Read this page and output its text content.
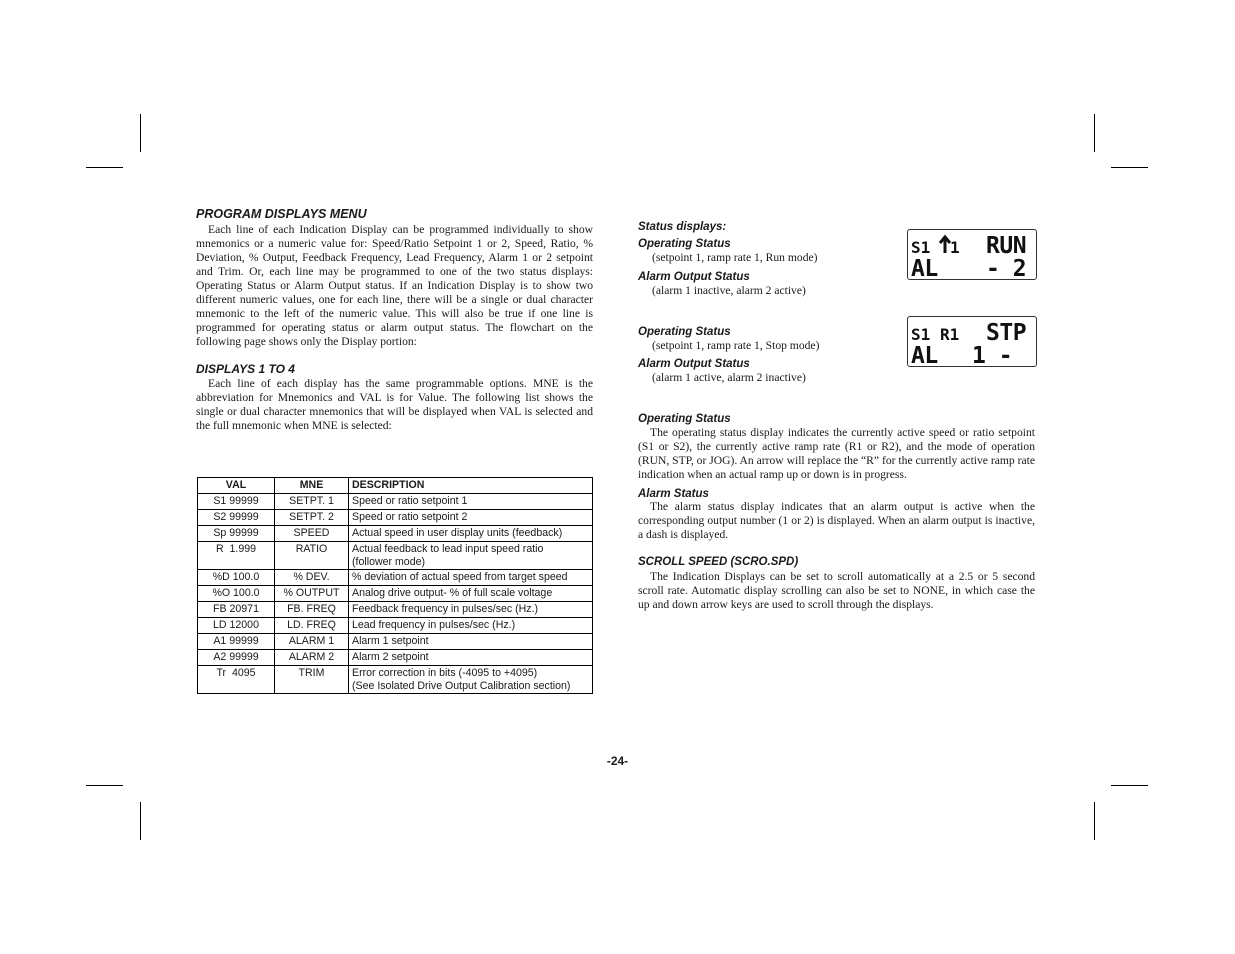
PROGRAM DISPLAYS MENU

Each line of each Indication Display can be programmed individually to show mnemonics or a numeric value for: Speed/Ratio Setpoint 1 or 2, Speed, Ratio, % Deviation, % Output, Feedback Frequency, Lead Frequency, Alarm 1 or 2 setpoint and Trim. Or, each line may be programmed to one of the two status displays: Operating Status or Alarm Output status. If an Indication Display is to show two different numeric values, one for each line, there will be a single or dual character mnemonic to the left of the numeric value. This will also be true if one line is programmed for operating status or alarm output status. The flowchart on the following page shows only the Display portion:

DISPLAYS 1 TO 4

Each line of each display has the same programmable options. MNE is the abbreviation for Mnemonics and VAL is for Value. The following list shows the single or dual character mnemonics that will be displayed when VAL is selected and the full mnemonic when MNE is selected:

VAL	MNE	DESCRIPTION
S1 99999	SETPT. 1	Speed or ratio setpoint 1
S2 99999	SETPT. 2	Speed or ratio setpoint 2
Sp 99999	SPEED	Actual speed in user display units (feedback)
R  1.999	RATIO	Actual feedback to lead input speed ratio
(follower mode)
%D 100.0	% DEV.	% deviation of actual speed from target speed
%O 100.0	% OUTPUT	Analog drive output- % of full scale voltage
FB 20971	FB. FREQ	Feedback frequency in pulses/sec (Hz.)
LD 12000	LD. FREQ	Lead frequency in pulses/sec (Hz.)
A1 99999	ALARM 1	Alarm 1 setpoint
A2 99999	ALARM 2	Alarm 2 setpoint
Tr  4095	TRIM	Error correction in bits (-4095 to +4095)
(See Isolated Drive Output Calibration section)
Status displays:
Operating Status
(setpoint 1, ramp rate 1, Run mode)
Alarm Output Status
(alarm 1 inactive, alarm 2 active)
S1 1 RUN
AL - 2
Operating Status
(setpoint 1, ramp rate 1, Stop mode)
Alarm Output Status
(alarm 1 active, alarm 2 inactive)
S1 R1 STP
AL 1 -
Operating Status

The operating status display indicates the currently active speed or ratio setpoint (S1 or S2), the currently active ramp rate (R1 or R2), and the mode of operation (RUN, STP, or JOG). An arrow will replace the “R” for the currently active ramp rate indication when an actual ramp up or down is in progress.

Alarm Status

The alarm status display indicates that an alarm output is active when the corresponding output number (1 or 2) is displayed. When an alarm output is inactive, a dash is displayed.

SCROLL SPEED (SCRO.SPD)

The Indication Displays can be set to scroll automatically at a 2.5 or 5 second scroll rate. Automatic display scrolling can also be set to NONE, in which case the up and down arrow keys are used to scroll through the displays.

-24-
